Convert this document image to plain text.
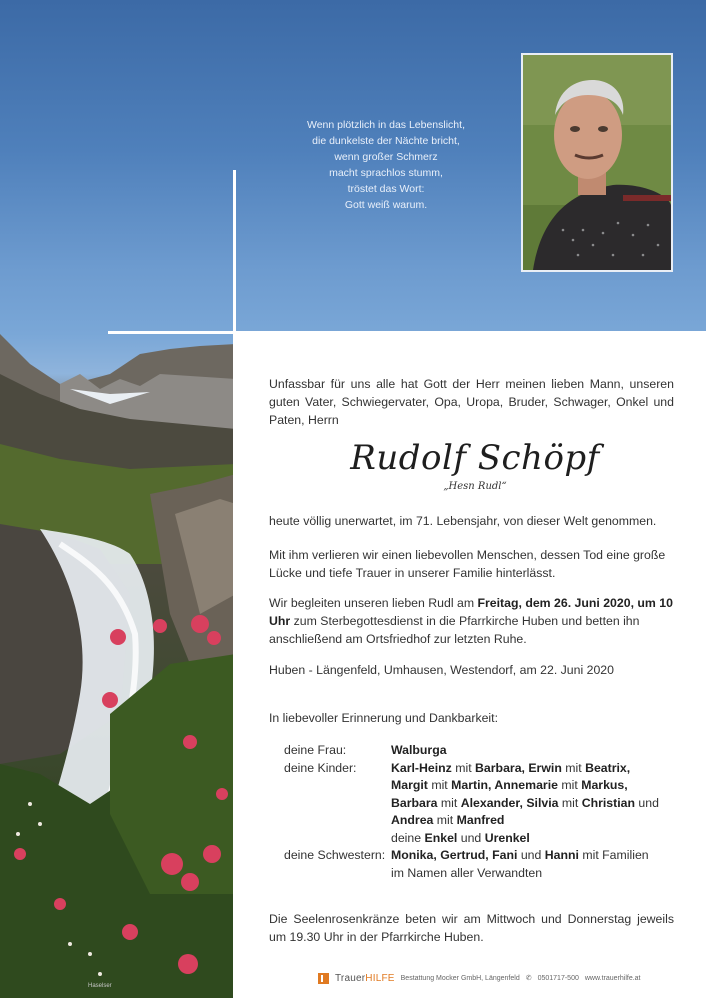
Wenn plötzlich in das Lebenslicht,
die dunkelste der Nächte bricht,
wenn großer Schmerz
macht sprachlos stumm,
tröstet das Wort:
Gott weiß warum.
Unfassbar für uns alle hat Gott der Herr meinen lieben Mann, unseren guten Vater, Schwiegervater, Opa, Uropa, Bruder, Schwager, Onkel und Paten, Herrn
Rudolf Schöpf
„Hesn Rudl“
heute völlig unerwartet, im 71. Lebensjahr, von dieser Welt genommen.
Mit ihm verlieren wir einen liebevollen Menschen, dessen Tod eine große Lücke und tiefe Trauer in unserer Familie hinterlässt.
Wir begleiten unseren lieben Rudl am Freitag, dem 26. Juni 2020, um 10 Uhr zum Sterbegottesdienst in die Pfarrkirche Huben und betten ihn anschließend am Ortsfriedhof zur letzten Ruhe.
Huben - Längenfeld, Umhausen, Westendorf, am 22. Juni 2020
In liebevoller Erinnerung und Dankbarkeit:
deine Frau:	Walburga
deine Kinder:	Karl-Heinz mit Barbara, Erwin mit Beatrix,
Margit mit Martin, Annemarie mit Markus,
Barbara mit Alexander, Silvia mit Christian und
Andrea mit Manfred
deine Enkel und Urenkel
deine Schwestern: Monika, Gertrud, Fani und Hanni mit Familien
im Namen aller Verwandten
Die Seelenrosenkränze beten wir am Mittwoch und Donnerstag jeweils um 19.30 Uhr in der Pfarrkirche Huben.
TrauerHILFE Bestattung Mocker GmbH, Längenfeld ✆ 0501717-500 www.trauerhilfe.at
Haselser
